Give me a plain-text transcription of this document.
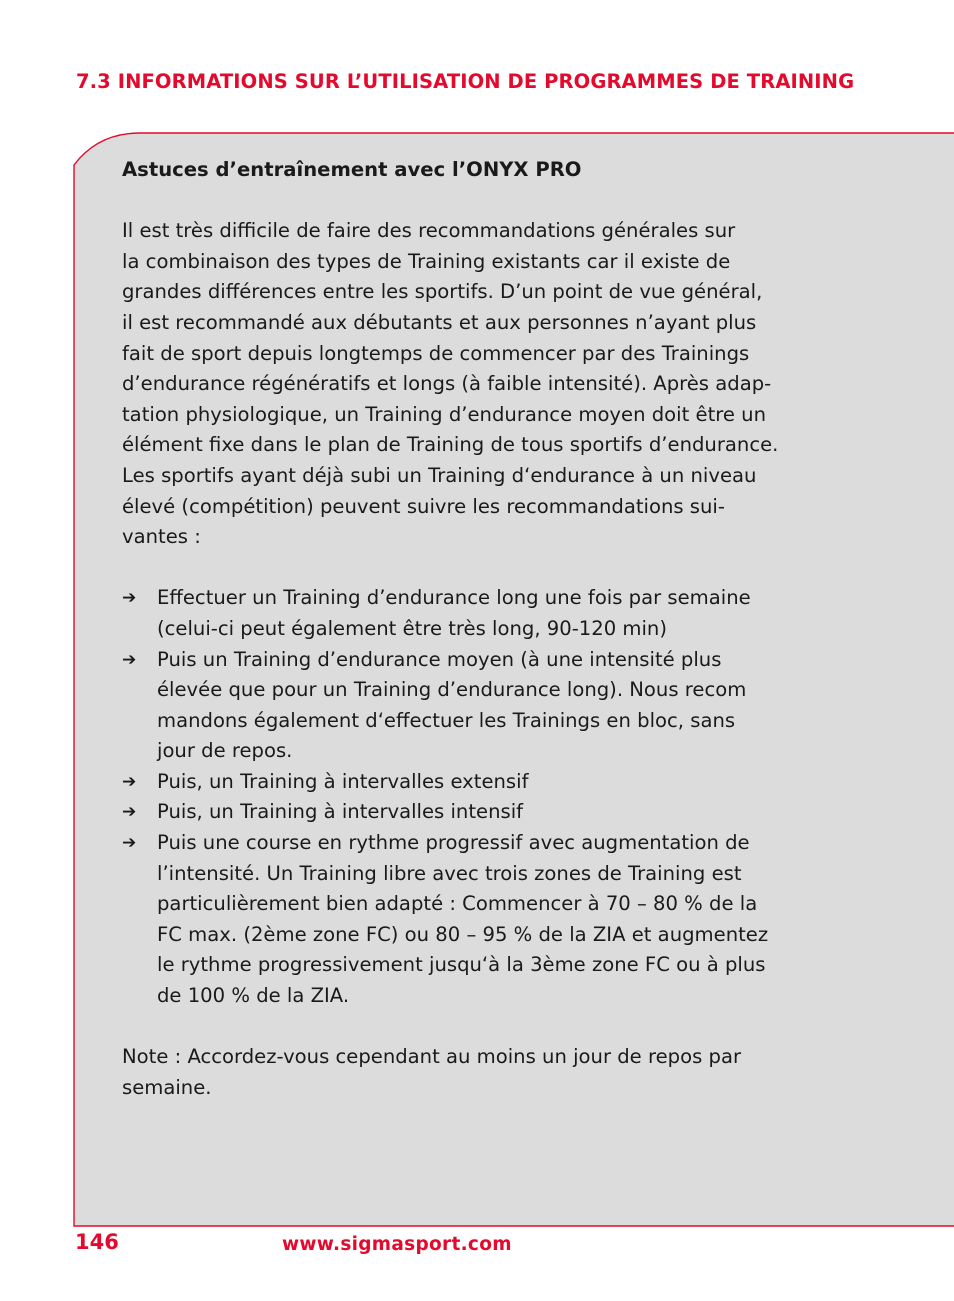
7.3 INFORMATIONS SUR L’UTILISATION DE PROGRAMMES DE TRAINING

Astuces d’entraînement avec l’ONYX PRO

Il est très difficile de faire des recommandations générales sur
la combinaison des types de Training existants car il existe de
grandes différences entre les sportifs. D’un point de vue général,
il est recommandé aux débutants et aux personnes n’ayant plus
fait de sport depuis longtemps de commencer par des Trainings
d’endurance régénératifs et longs (à faible intensité). Après adap-
tation physiologique, un Training d’endurance moyen doit être un
élément fixe dans le plan de Training de tous sportifs d’endurance.
Les sportifs ayant déjà subi un Training d‘endurance à un niveau
élevé (compétition) peuvent suivre les recommandations sui-
vantes :

➔ Effectuer un Training d’endurance long une fois par semaine
(celui-ci peut également être très long, 90-120 min)
➔ Puis un Training d’endurance moyen (à une intensité plus
élevée que pour un Training d’endurance long). Nous recom
mandons également d‘effectuer les Trainings en bloc, sans
jour de repos.
➔ Puis, un Training à intervalles extensif
➔ Puis, un Training à intervalles intensif
➔ Puis une course en rythme progressif avec augmentation de
l’intensité. Un Training libre avec trois zones de Training est
particulièrement bien adapté : Commencer à 70 – 80 % de la
FC max. (2ème zone FC) ou 80 – 95 % de la ZIA et augmentez
le rythme progressivement jusqu‘à la 3ème zone FC ou à plus
de 100 % de la ZIA.

Note : Accordez-vous cependant au moins un jour de repos par
semaine.

146	www.sigmasport.com
